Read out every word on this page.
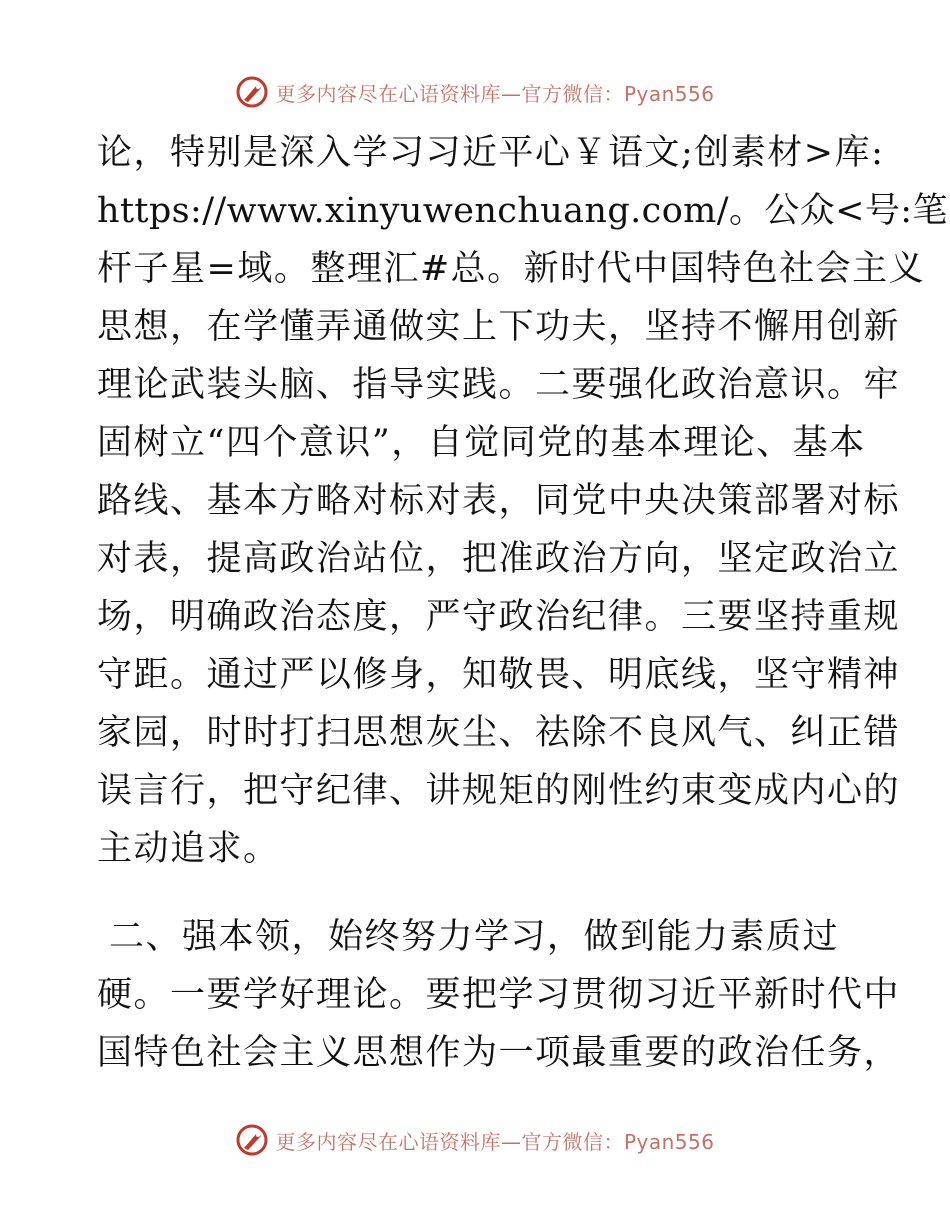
更多内容尽在心语资料库—官方微信：Pyan556
论，特别是深入学习习近平心￥语文;创素材>库:
https://www.xinyuwenchuang.com/。公众<号:笔
杆子星=域。整理汇#总。新时代中国特色社会主义
思想，在学懂弄通做实上下功夫，坚持不懈用创新
理论武装头脑、指导实践。二要强化政治意识。牢
固树立“四个意识”，自觉同党的基本理论、基本
路线、基本方略对标对表，同党中央决策部署对标
对表，提高政治站位，把准政治方向，坚定政治立
场，明确政治态度，严守政治纪律。三要坚持重规
守距。通过严以修身，知敬畏、明底线，坚守精神
家园，时时打扫思想灰尘、祛除不良风气、纠正错
误言行，把守纪律、讲规矩的刚性约束变成内心的
主动追求。
二、强本领，始终努力学习，做到能力素质过
硬。一要学好理论。要把学习贯彻习近平新时代中
国特色社会主义思想作为一项最重要的政治任务，
更多内容尽在心语资料库—官方微信：Pyan556
